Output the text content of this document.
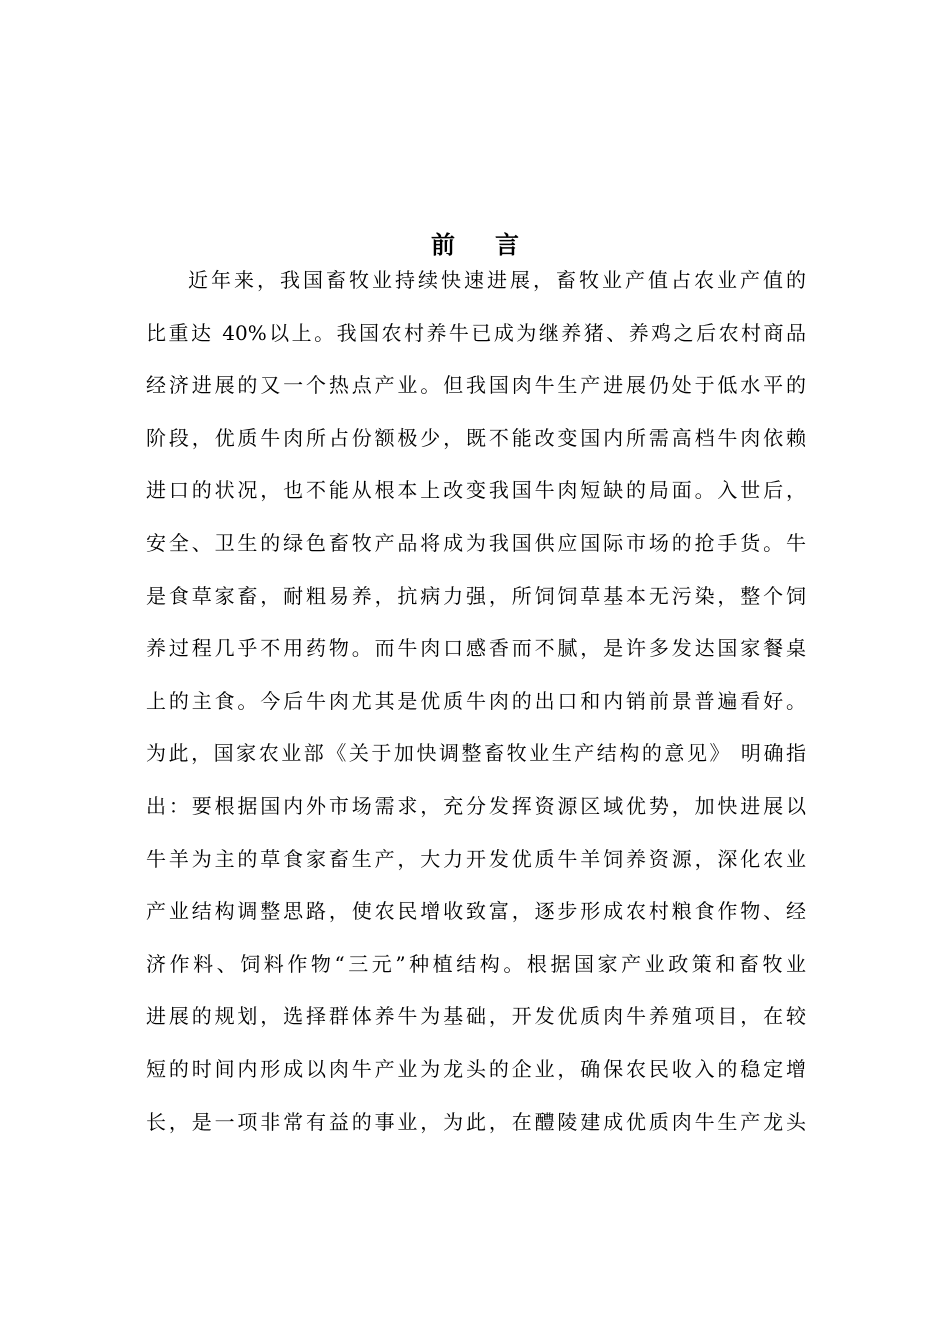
前 言
近年来，我国畜牧业持续快速进展，畜牧业产值占农业产值的
比重达 40%以上。我国农村养牛已成为继养猪、养鸡之后农村商品
经济进展的又一个热点产业。但我国肉牛生产进展仍处于低水平的
阶段，优质牛肉所占份额极少，既不能改变国内所需高档牛肉依赖
进口的状况，也不能从根本上改变我国牛肉短缺的局面。入世后，
安全、卫生的绿色畜牧产品将成为我国供应国际市场的抢手货。牛
是食草家畜，耐粗易养，抗病力强，所饲饲草基本无污染，整个饲
养过程几乎不用药物。而牛肉口感香而不腻，是许多发达国家餐桌
上的主食。今后牛肉尤其是优质牛肉的出口和内销前景普遍看好。
为此，国家农业部《关于加快调整畜牧业生产结构的意见》 明确指
出：要根据国内外市场需求，充分发挥资源区域优势，加快进展以
牛羊为主的草食家畜生产，大力开发优质牛羊饲养资源，深化农业
产业结构调整思路，使农民增收致富，逐步形成农村粮食作物、经
济作料、饲料作物“三元”种植结构。根据国家产业政策和畜牧业
进展的规划，选择群体养牛为基础，开发优质肉牛养殖项目，在较
短的时间内形成以肉牛产业为龙头的企业，确保农民收入的稳定增
长，是一项非常有益的事业，为此，在醴陵建成优质肉牛生产龙头
